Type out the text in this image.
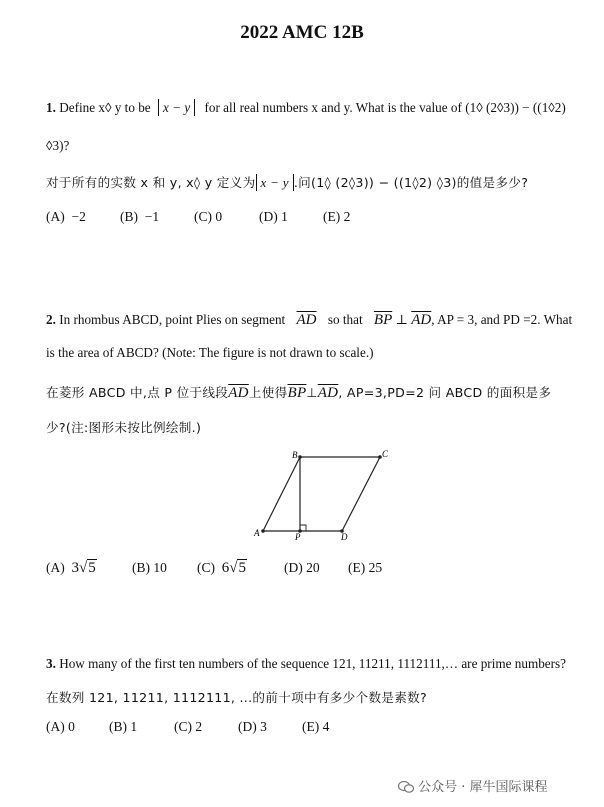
2022 AMC 12B
1. Define x◊ y to be x − y for all real numbers x and y. What is the value of (1◊ (2◊3)) − ((1◊2)
◊3)?
对于所有的实数 x 和 y, x◊ y 定义为 x − y .问(1◊ (2◊3)) − ((1◊2) ◊3)的值是多少?
(A) −2	(B) −1	(C) 0	(D) 1	(E) 2
2. In rhombus ABCD, point Plies on segment $\overline{AD}$ so that $\overline{BP}$ ⊥ $\overline{AD}$, AP = 3, and PD =2. What
is the area of ABCD? (Note: The figure is not drawn to scale.)
在菱形 ABCD 中,点 P 位于线段$\overline{AD}$上使得$\overline{BP}\perp\overline{AD}$, AP=3,PD=2 问 ABCD 的面积是多
少?(注:图形未按比例绘制.)
B	C
A	P	D
(A) 3√5	(B) 10 (C) 6√5	(D) 20 (E) 25
3. How many of the first ten numbers of the sequence 121, 11211, 1112111,… are prime numbers?
在数列 121, 11211, 1112111, ...的前十项中有多少个数是素数?
(A) 0	(B) 1	(C) 2	(D) 3	(E) 4
公众号 · 犀牛国际课程
